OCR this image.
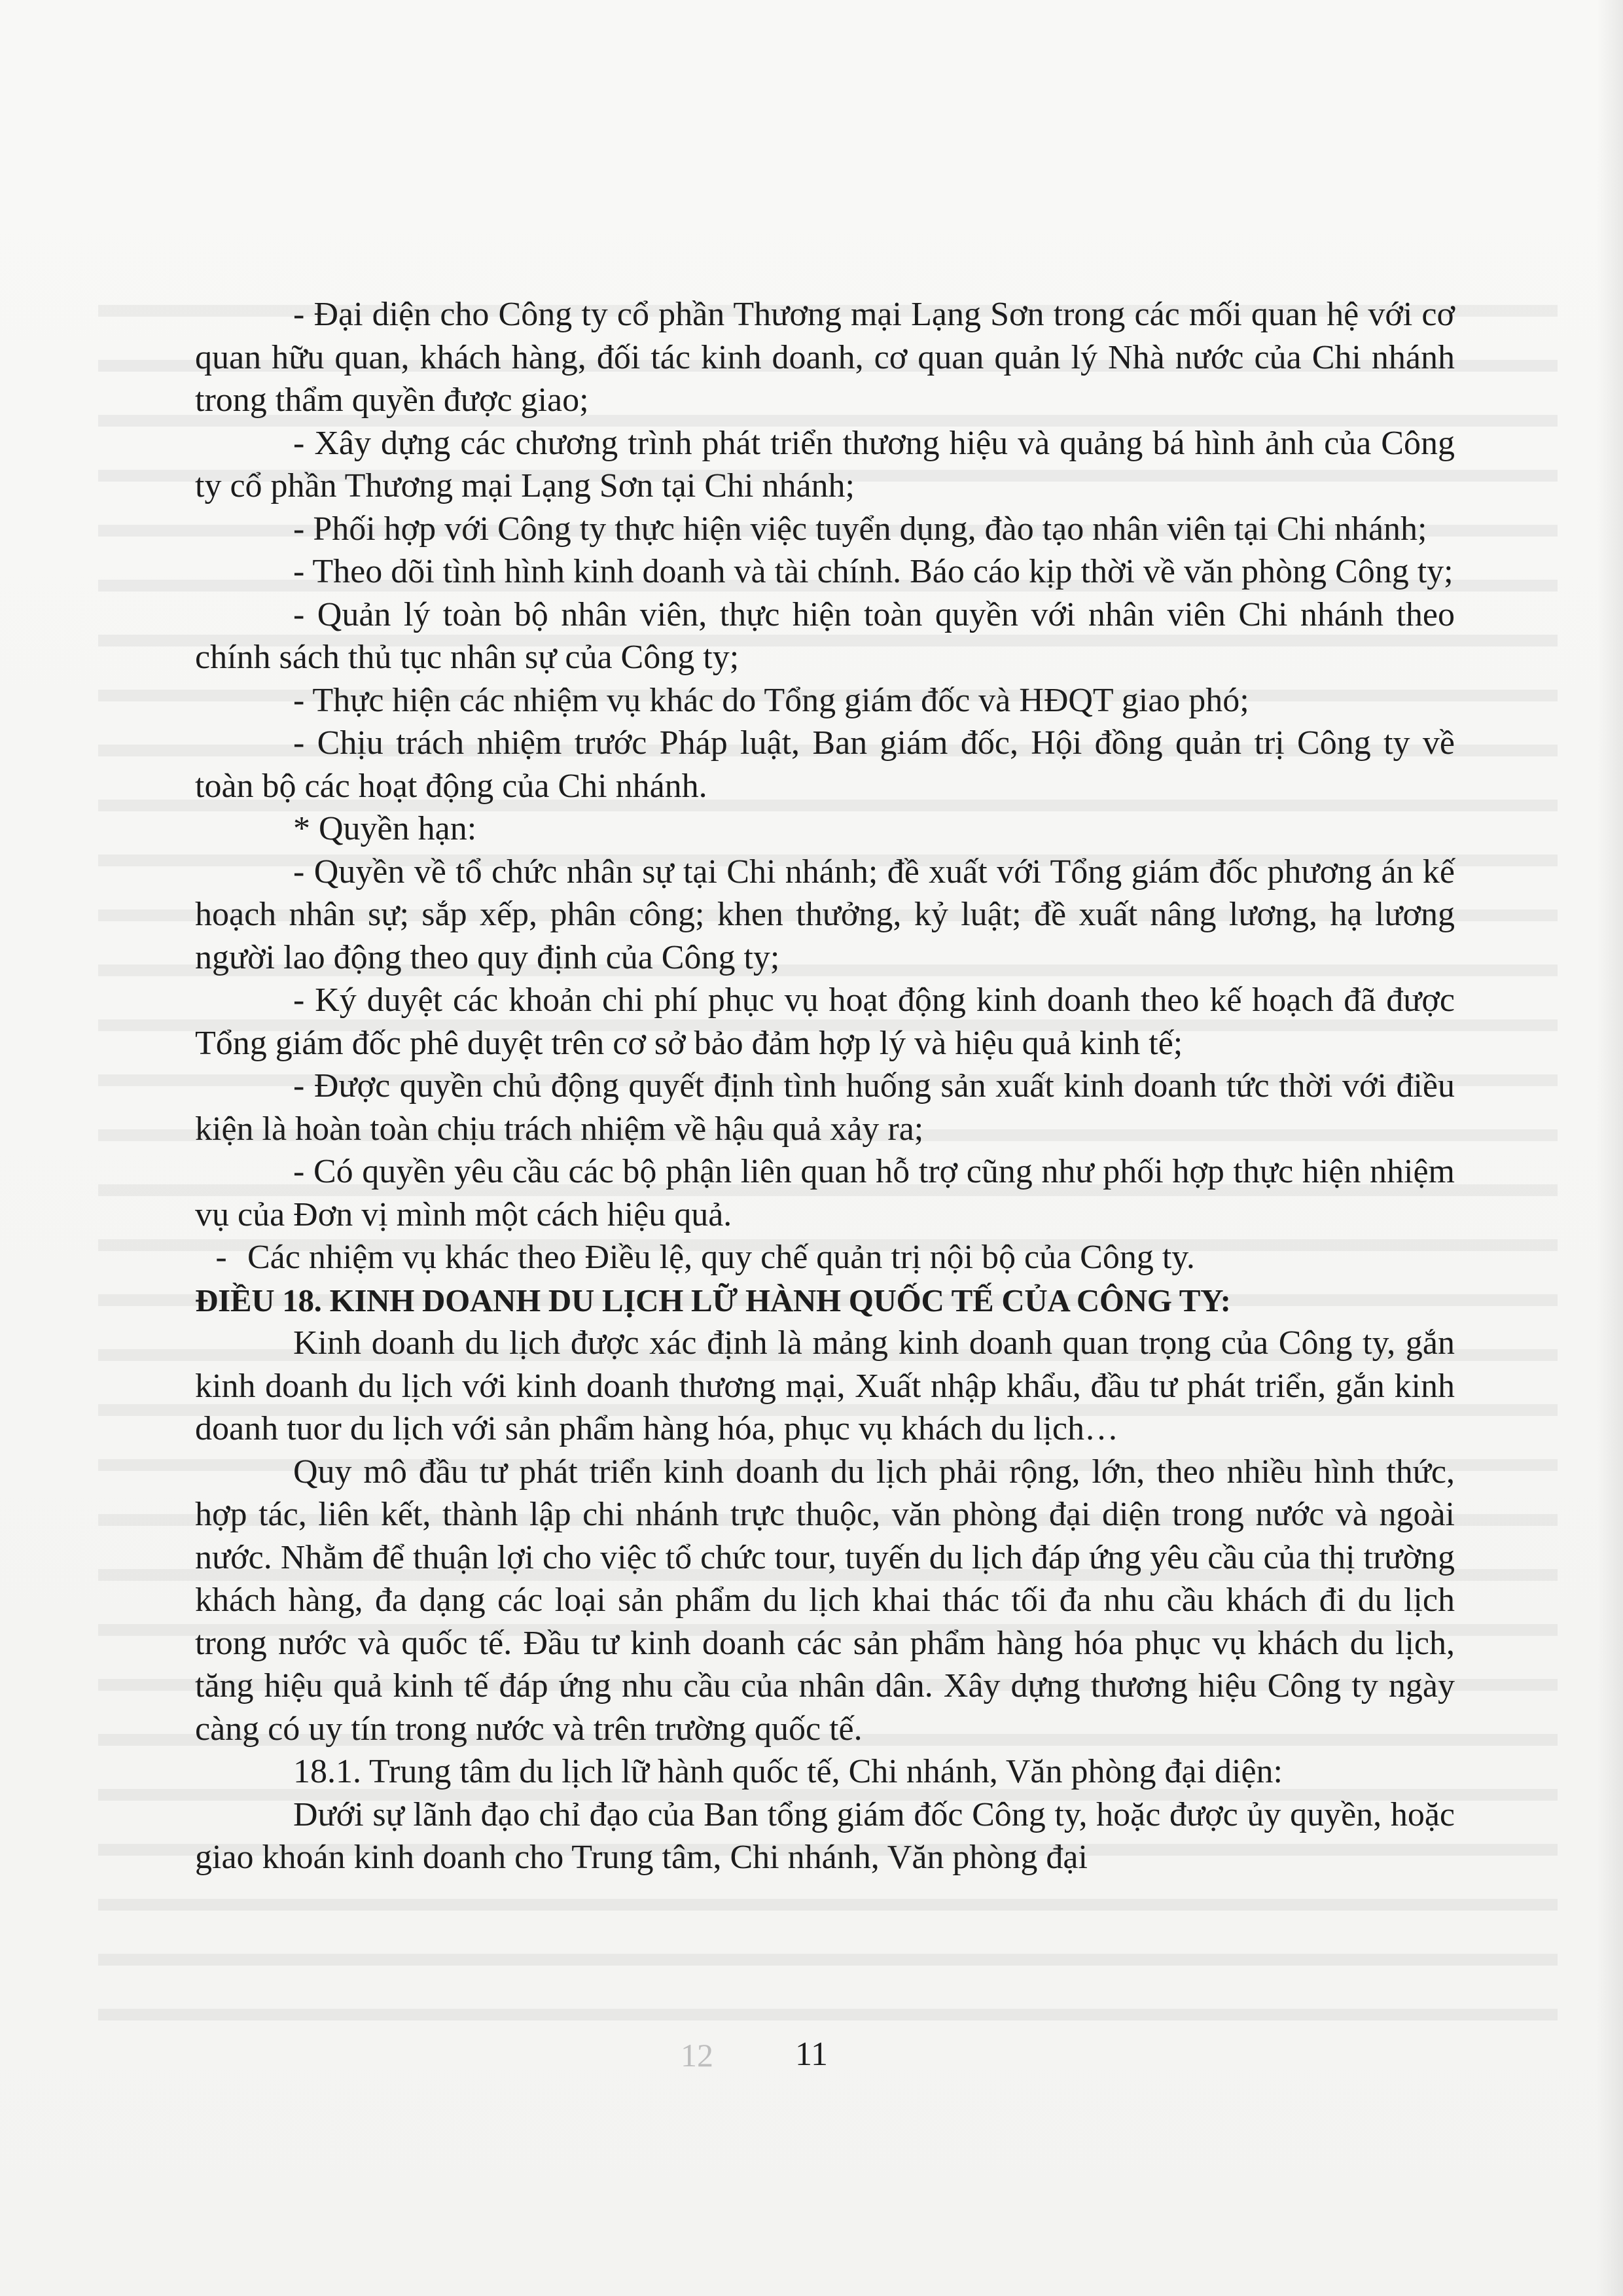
- Đại diện cho Công ty cổ phần Thương mại Lạng Sơn trong các mối quan hệ với cơ quan hữu quan, khách hàng, đối tác kinh doanh, cơ quan quản lý Nhà nước của Chi nhánh trong thẩm quyền được giao;

- Xây dựng các chương trình phát triển thương hiệu và quảng bá hình ảnh của Công ty cổ phần Thương mại Lạng Sơn tại Chi nhánh;

- Phối hợp với Công ty thực hiện việc tuyển dụng, đào tạo nhân viên tại Chi nhánh;

- Theo dõi tình hình kinh doanh và tài chính. Báo cáo kịp thời về văn phòng Công ty;

- Quản lý toàn bộ nhân viên, thực hiện toàn quyền với nhân viên Chi nhánh theo chính sách thủ tục nhân sự của Công ty;

- Thực hiện các nhiệm vụ khác do Tổng giám đốc và HĐQT giao phó;

- Chịu trách nhiệm trước Pháp luật, Ban giám đốc, Hội đồng quản trị Công ty về toàn bộ các hoạt động của Chi nhánh.

* Quyền hạn:

- Quyền về tổ chức nhân sự tại Chi nhánh; đề xuất với Tổng giám đốc phương án kế hoạch nhân sự; sắp xếp, phân công; khen thưởng, kỷ luật; đề xuất nâng lương, hạ lương người lao động theo quy định của Công ty;

- Ký duyệt các khoản chi phí phục vụ hoạt động kinh doanh theo kế hoạch đã được Tổng giám đốc phê duyệt trên cơ sở bảo đảm hợp lý và hiệu quả kinh tế;

- Được quyền chủ động quyết định tình huống sản xuất kinh doanh tức thời với điều kiện là hoàn toàn chịu trách nhiệm về hậu quả xảy ra;

- Có quyền yêu cầu các bộ phận liên quan hỗ trợ cũng như phối hợp thực hiện nhiệm vụ của Đơn vị mình một cách hiệu quả.

- Các nhiệm vụ khác theo Điều lệ, quy chế quản trị nội bộ của Công ty.

ĐIỀU 18. KINH DOANH DU LỊCH LỮ HÀNH QUỐC TẾ CỦA CÔNG TY:

Kinh doanh du lịch được xác định là mảng kinh doanh quan trọng của Công ty, gắn kinh doanh du lịch với kinh doanh thương mại, Xuất nhập khẩu, đầu tư phát triển, gắn kinh doanh tuor du lịch với sản phẩm hàng hóa, phục vụ khách du lịch…

Quy mô đầu tư phát triển kinh doanh du lịch phải rộng, lớn, theo nhiều hình thức, hợp tác, liên kết, thành lập chi nhánh trực thuộc, văn phòng đại diện trong nước và ngoài nước. Nhằm để thuận lợi cho việc tổ chức tour, tuyến du lịch đáp ứng yêu cầu của thị trường khách hàng, đa dạng các loại sản phẩm du lịch khai thác tối đa nhu cầu khách đi du lịch trong nước và quốc tế. Đầu tư kinh doanh các sản phẩm hàng hóa phục vụ khách du lịch, tăng hiệu quả kinh tế đáp ứng nhu cầu của nhân dân. Xây dựng thương hiệu Công ty ngày càng có uy tín trong nước và trên trường quốc tế.

18.1. Trung tâm du lịch lữ hành quốc tế, Chi nhánh, Văn phòng đại diện:

Dưới sự lãnh đạo chỉ đạo của Ban tổng giám đốc Công ty, hoặc được ủy quyền, hoặc giao khoán kinh doanh cho Trung tâm, Chi nhánh, Văn phòng đại

12	11
